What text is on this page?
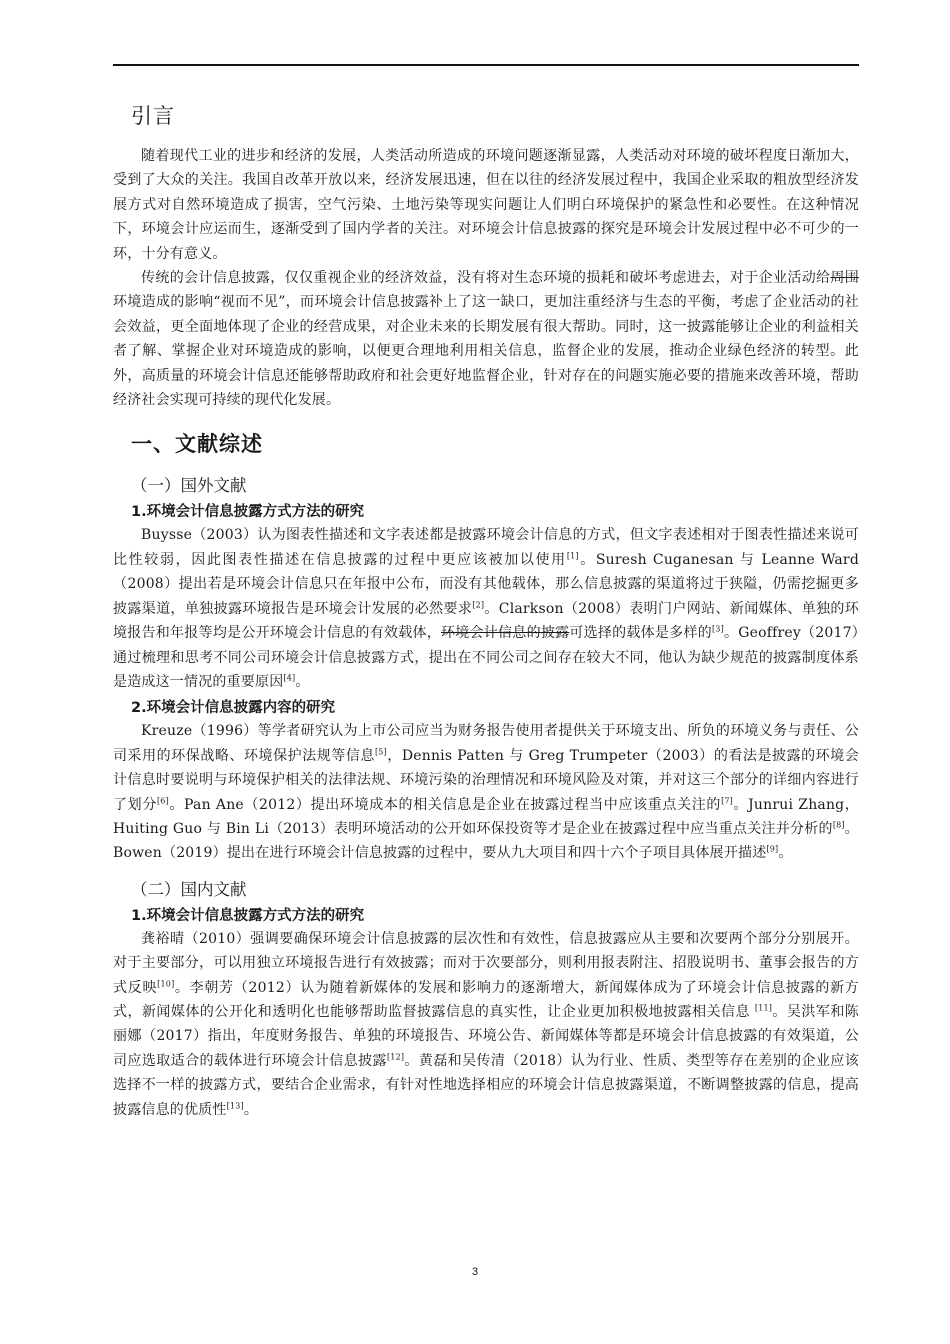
引言

随着现代工业的进步和经济的发展，人类活动所造成的环境问题逐渐显露，人类活动对环境的破坏程度日渐加大，受到了大众的关注。我国自改革开放以来，经济发展迅速，但在以往的经济发展过程中，我国企业采取的粗放型经济发展方式对自然环境造成了损害，空气污染、土地污染等现实问题让人们明白环境保护的紧急性和必要性。在这种情况下，环境会计应运而生，逐渐受到了国内学者的关注。对环境会计信息披露的探究是环境会计发展过程中必不可少的一环，十分有意义。

传统的会计信息披露，仅仅重视企业的经济效益，没有将对生态环境的损耗和破坏考虑进去，对于企业活动给周围环境造成的影响“视而不见”，而环境会计信息披露补上了这一缺口，更加注重经济与生态的平衡，考虑了企业活动的社会效益，更全面地体现了企业的经营成果，对企业未来的长期发展有很大帮助。同时，这一披露能够让企业的利益相关者了解、掌握企业对环境造成的影响，以便更合理地利用相关信息，监督企业的发展，推动企业绿色经济的转型。此外，高质量的环境会计信息还能够帮助政府和社会更好地监督企业，针对存在的问题实施必要的措施来改善环境，帮助经济社会实现可持续的现代化发展。

一、文献综述
（一）国外文献
1.环境会计信息披露方式方法的研究

Buysse（2003）认为图表性描述和文字表述都是披露环境会计信息的方式，但文字表述相对于图表性描述来说可比性较弱，因此图表性描述在信息披露的过程中更应该被加以使用[1]。Suresh Cuganesan 与 Leanne Ward （2008）提出若是环境会计信息只在年报中公布，而没有其他载体，那么信息披露的渠道将过于狭隘，仍需挖掘更多披露渠道，单独披露环境报告是环境会计发展的必然要求[2]。Clarkson（2008）表明门户网站、新闻媒体、单独的环境报告和年报等均是公开环境会计信息的有效载体，环境会计信息的披露可选择的载体是多样的[3]。Geoffrey（2017）通过梳理和思考不同公司环境会计信息披露方式，提出在不同公司之间存在较大不同，他认为缺少规范的披露制度体系是造成这一情况的重要原因[4]。

2.环境会计信息披露内容的研究

Kreuze（1996）等学者研究认为上市公司应当为财务报告使用者提供关于环境支出、所负的环境义务与责任、公司采用的环保战略、环境保护法规等信息[5]，Dennis Patten 与 Greg Trumpeter（2003）的看法是披露的环境会计信息时要说明与环境保护相关的法律法规、环境污染的治理情况和环境风险及对策，并对这三个部分的详细内容进行了划分[6]。Pan Ane（2012）提出环境成本的相关信息是企业在披露过程当中应该重点关注的[7]。Junrui Zhang，Huiting Guo 与 Bin Li（2013）表明环境活动的公开如环保投资等才是企业在披露过程中应当重点关注并分析的[8]。Bowen（2019）提出在进行环境会计信息披露的过程中，要从九大项目和四十六个子项目具体展开描述[9]。

（二）国内文献
1.环境会计信息披露方式方法的研究

龚裕晴（2010）强调要确保环境会计信息披露的层次性和有效性，信息披露应从主要和次要两个部分分别展开。对于主要部分，可以用独立环境报告进行有效披露；而对于次要部分，则利用报表附注、招股说明书、董事会报告的方式反映[10]。李朝芳（2012）认为随着新媒体的发展和影响力的逐渐增大，新闻媒体成为了环境会计信息披露的新方式，新闻媒体的公开化和透明化也能够帮助监督披露信息的真实性，让企业更加积极地披露相关信息 [11]。吴洪军和陈丽娜（2017）指出，年度财务报告、单独的环境报告、环境公告、新闻媒体等都是环境会计信息披露的有效渠道，公司应选取适合的载体进行环境会计信息披露[12]。黄磊和吴传清（2018）认为行业、性质、类型等存在差别的企业应该选择不一样的披露方式，要结合企业需求，有针对性地选择相应的环境会计信息披露渠道，不断调整披露的信息，提高披露信息的优质性[13]。

3
